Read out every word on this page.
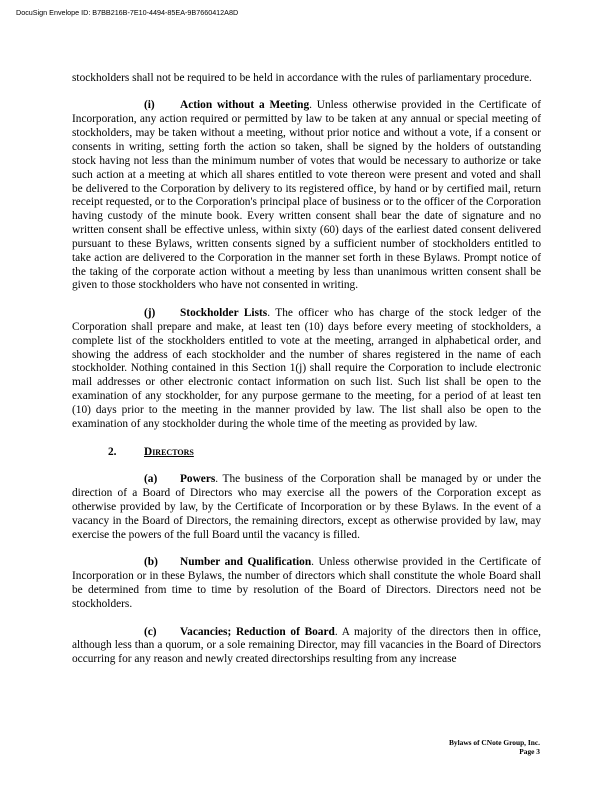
DocuSign Envelope ID: B7BB216B-7E10-4494-85EA-9B7660412A8D

stockholders shall not be required to be held in accordance with the rules of parliamentary procedure.

(i) Action without a Meeting. Unless otherwise provided in the Certificate of Incorporation, any action required or permitted by law to be taken at any annual or special meeting of stockholders, may be taken without a meeting, without prior notice and without a vote, if a consent or consents in writing, setting forth the action so taken, shall be signed by the holders of outstanding stock having not less than the minimum number of votes that would be necessary to authorize or take such action at a meeting at which all shares entitled to vote thereon were present and voted and shall be delivered to the Corporation by delivery to its registered office, by hand or by certified mail, return receipt requested, or to the Corporation's principal place of business or to the officer of the Corporation having custody of the minute book. Every written consent shall bear the date of signature and no written consent shall be effective unless, within sixty (60) days of the earliest dated consent delivered pursuant to these Bylaws, written consents signed by a sufficient number of stockholders entitled to take action are delivered to the Corporation in the manner set forth in these Bylaws. Prompt notice of the taking of the corporate action without a meeting by less than unanimous written consent shall be given to those stockholders who have not consented in writing.

(j) Stockholder Lists. The officer who has charge of the stock ledger of the Corporation shall prepare and make, at least ten (10) days before every meeting of stockholders, a complete list of the stockholders entitled to vote at the meeting, arranged in alphabetical order, and showing the address of each stockholder and the number of shares registered in the name of each stockholder. Nothing contained in this Section 1(j) shall require the Corporation to include electronic mail addresses or other electronic contact information on such list. Such list shall be open to the examination of any stockholder, for any purpose germane to the meeting, for a period of at least ten (10) days prior to the meeting in the manner provided by law. The list shall also be open to the examination of any stockholder during the whole time of the meeting as provided by law.

2. Directors

(a) Powers. The business of the Corporation shall be managed by or under the direction of a Board of Directors who may exercise all the powers of the Corporation except as otherwise provided by law, by the Certificate of Incorporation or by these Bylaws. In the event of a vacancy in the Board of Directors, the remaining directors, except as otherwise provided by law, may exercise the powers of the full Board until the vacancy is filled.

(b) Number and Qualification. Unless otherwise provided in the Certificate of Incorporation or in these Bylaws, the number of directors which shall constitute the whole Board shall be determined from time to time by resolution of the Board of Directors. Directors need not be stockholders.

(c) Vacancies; Reduction of Board. A majority of the directors then in office, although less than a quorum, or a sole remaining Director, may fill vacancies in the Board of Directors occurring for any reason and newly created directorships resulting from any increase

Bylaws of CNote Group, Inc.
Page 3
